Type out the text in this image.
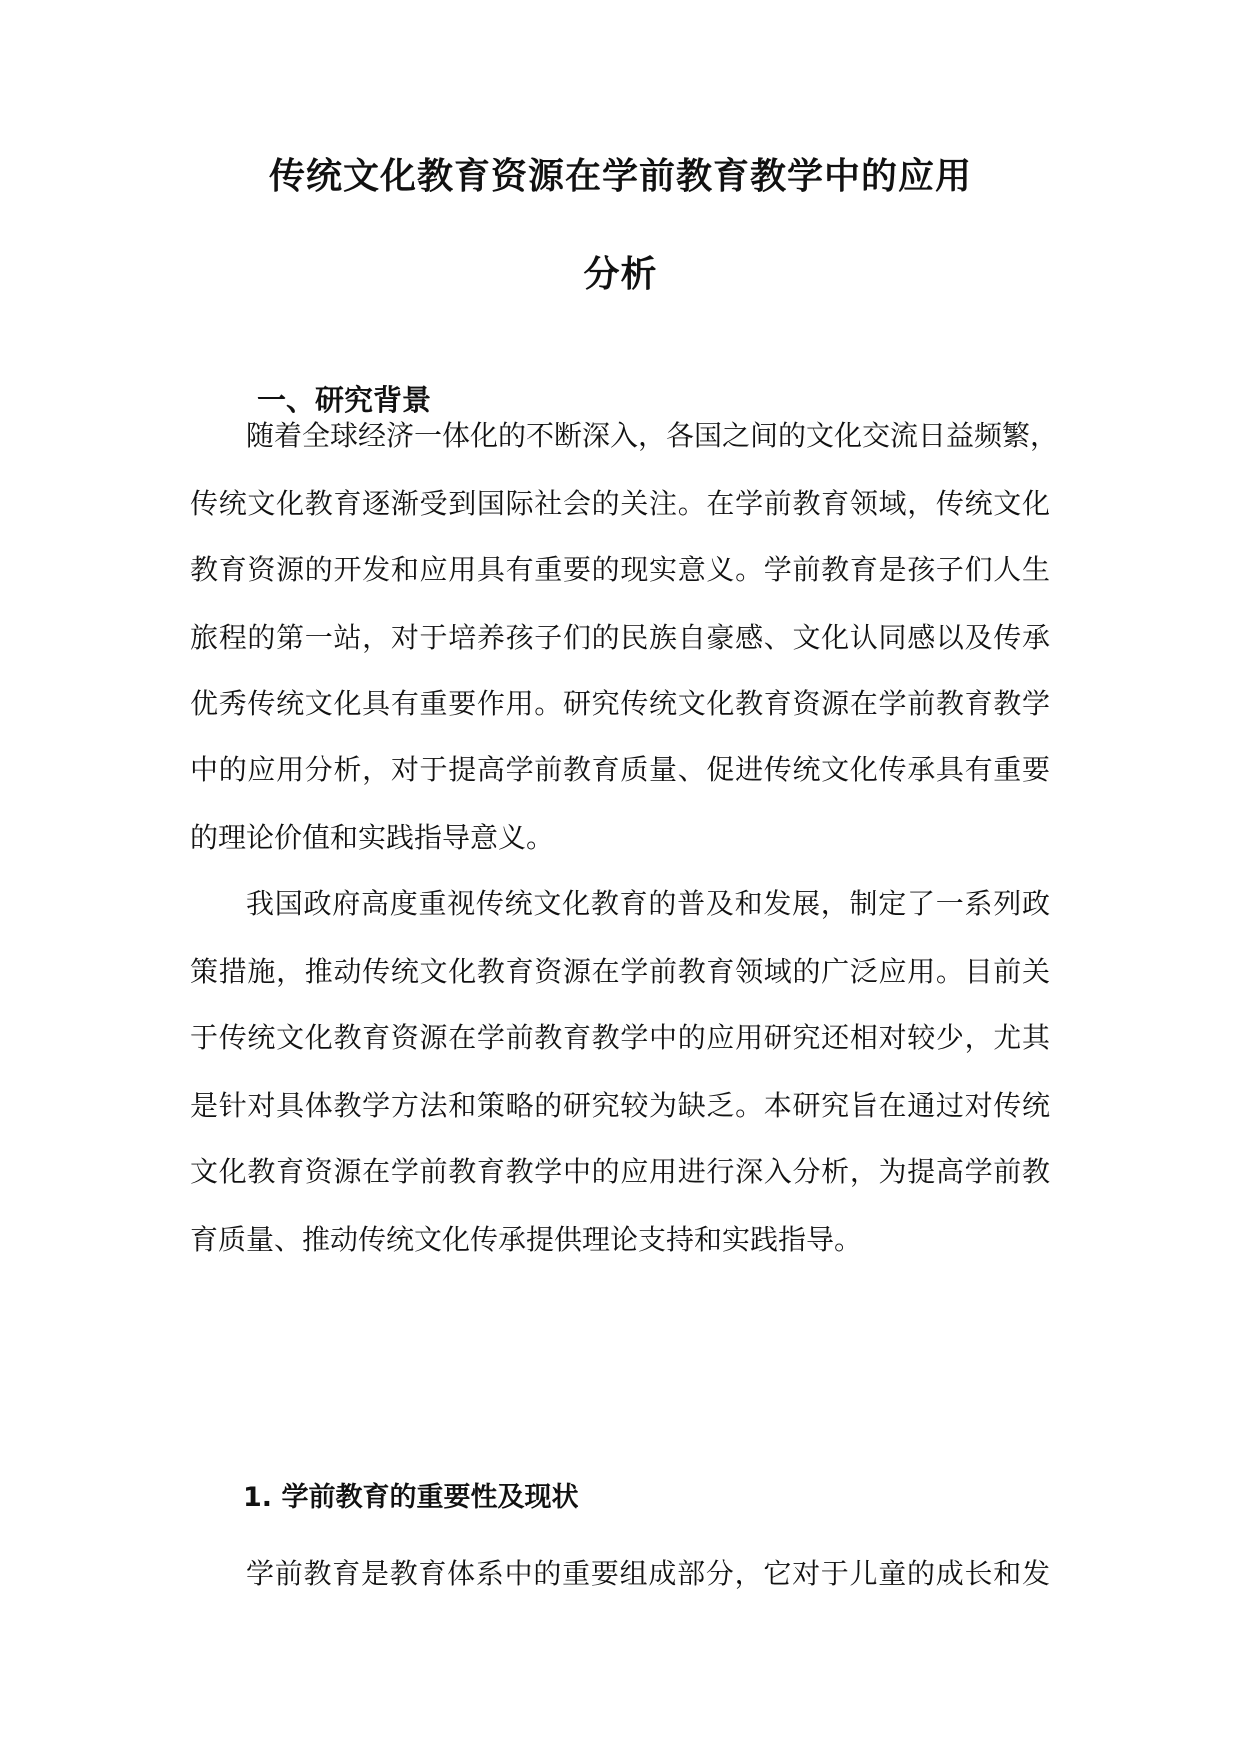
传统文化教育资源在学前教育教学中的应用
分析
一、研究背景
随着全球经济一体化的不断深入，各国之间的文化交流日益频繁，
传统文化教育逐渐受到国际社会的关注。在学前教育领域，传统文化
教育资源的开发和应用具有重要的现实意义。学前教育是孩子们人生
旅程的第一站，对于培养孩子们的民族自豪感、文化认同感以及传承
优秀传统文化具有重要作用。研究传统文化教育资源在学前教育教学
中的应用分析，对于提高学前教育质量、促进传统文化传承具有重要
的理论价值和实践指导意义。
我国政府高度重视传统文化教育的普及和发展，制定了一系列政
策措施，推动传统文化教育资源在学前教育领域的广泛应用。目前关
于传统文化教育资源在学前教育教学中的应用研究还相对较少，尤其
是针对具体教学方法和策略的研究较为缺乏。本研究旨在通过对传统
文化教育资源在学前教育教学中的应用进行深入分析，为提高学前教
育质量、推动传统文化传承提供理论支持和实践指导。
1. 学前教育的重要性及现状
学前教育是教育体系中的重要组成部分，它对于儿童的成长和发
